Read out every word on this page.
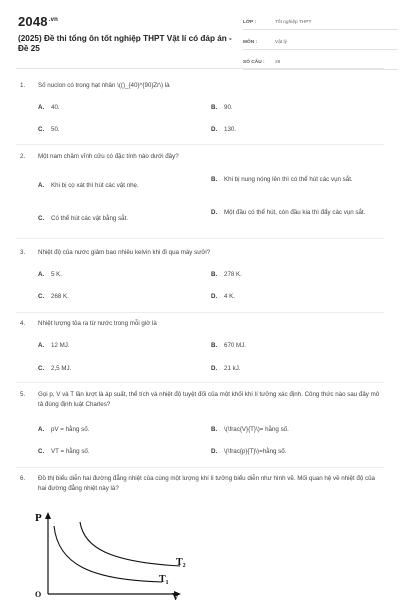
$2048^{.vn}$
(2025) Đề thi tổng ôn tốt nghiệp THPT Vật lí có đáp án - Đề 25
LỚP :	Tốt nghiệp THPT
MÔN :	Vật lý
SỐ CÂU :	28
1.	Số nuclon có trong hạt nhân \(()_{40}^{90}Zr\) là
A.	40.	B.	90.
C.	50.	D.	130.
2.	Một nam châm vĩnh cửu có đặc tính nào dưới đây?
A.	Khi bị cọ xát thì hút các vật nhẹ.
B.	Khi bị nung nóng lên thì có thể hút các vụn sắt.
C.	Có thể hút các vật bằng sắt.
D.	Một đầu có thể hút, còn đầu kia thì đẩy các vụn sắt.
3.	Nhiệt độ của nước giảm bao nhiêu kelvin khi đi qua máy sưởi?
A.	5 K.	B.	278 K.
C.	268 K.	D.	4 K.
4.	Nhiệt lượng tỏa ra từ nước trong mỗi giờ là
A.	12 MJ.	B.	670 MJ.
C.	2,5 MJ.	D.	21 kJ.
5.	Gọi p, V và T lần lượt là áp suất, thể tích và nhiệt độ tuyệt đối của một khối khí lí tưởng xác định. Công thức nào sau đây mô tả đúng định luật Charles?
A.	pV = hằng số.	B.	\(\frac{V}{T}\)= hằng số.
C.	VT = hằng số.	D.	\(\frac{p}{T}\)=hằng số.
6.	Đồ thị biểu diễn hai đường đẳng nhiệt của cùng một lượng khí lí tưởng biểu diễn như hình vẽ. Mối quan hệ về nhiệt độ của hai đường đẳng nhiệt này là?
P
O	V
T₂
T₁
